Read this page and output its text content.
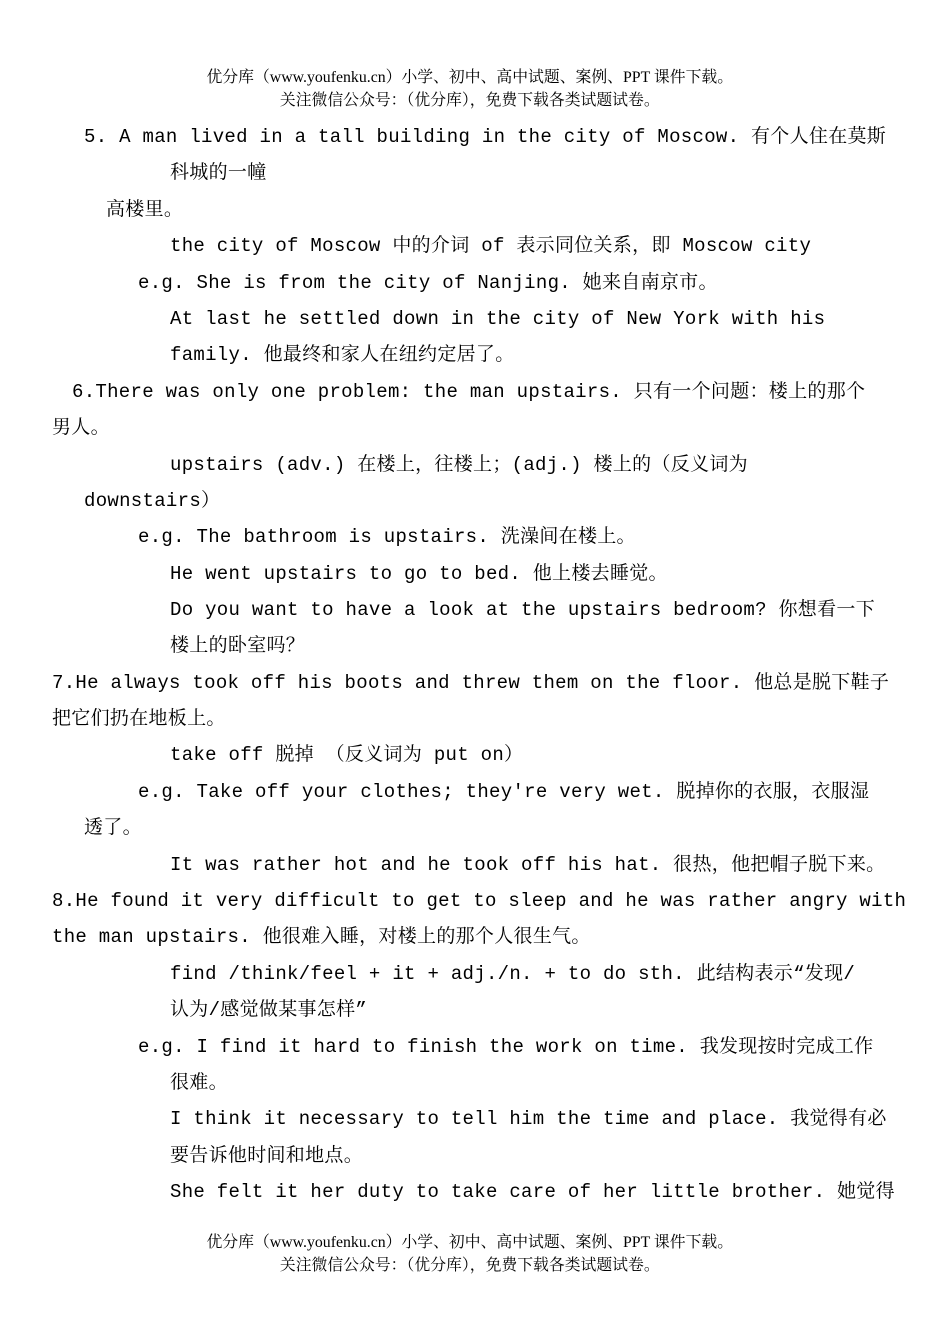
优分库（www.youfenku.cn）小学、初中、高中试题、案例、PPT 课件下载。
关注微信公众号：（优分库），免费下载各类试题试卷。
5. A man lived in a tall building in the city of Moscow. 有个人住在莫斯
科城的一幢
高楼里。
the city of Moscow 中的介词 of 表示同位关系，即 Moscow city
e.g. She is from the city of Nanjing. 她来自南京市。
At last he settled down in the city of New York with his
family. 他最终和家人在纽约定居了。
6.There was only one problem: the man upstairs. 只有一个问题：楼上的那个
男人。
upstairs (adv.) 在楼上，往楼上；(adj.) 楼上的（反义词为
downstairs）
e.g. The bathroom is upstairs. 洗澡间在楼上。
He went upstairs to go to bed. 他上楼去睡觉。
Do you want to have a look at the upstairs bedroom? 你想看一下
楼上的卧室吗？
7.He always took off his boots and threw them on the floor. 他总是脱下鞋子
把它们扔在地板上。
take off 脱掉 （反义词为 put on）
e.g. Take off your clothes; they're very wet. 脱掉你的衣服，衣服湿
透了。
It was rather hot and he took off his hat. 很热，他把帽子脱下来。
8.He found it very difficult to get to sleep and he was rather angry with
the man upstairs. 他很难入睡，对楼上的那个人很生气。
find /think/feel + it + adj./n. + to do sth. 此结构表示“发现/
认为/感觉做某事怎样”
e.g. I find it hard to finish the work on time. 我发现按时完成工作
很难。
I think it necessary to tell him the time and place. 我觉得有必
要告诉他时间和地点。
She felt it her duty to take care of her little brother. 她觉得
优分库（www.youfenku.cn）小学、初中、高中试题、案例、PPT 课件下载。
关注微信公众号：（优分库），免费下载各类试题试卷。
